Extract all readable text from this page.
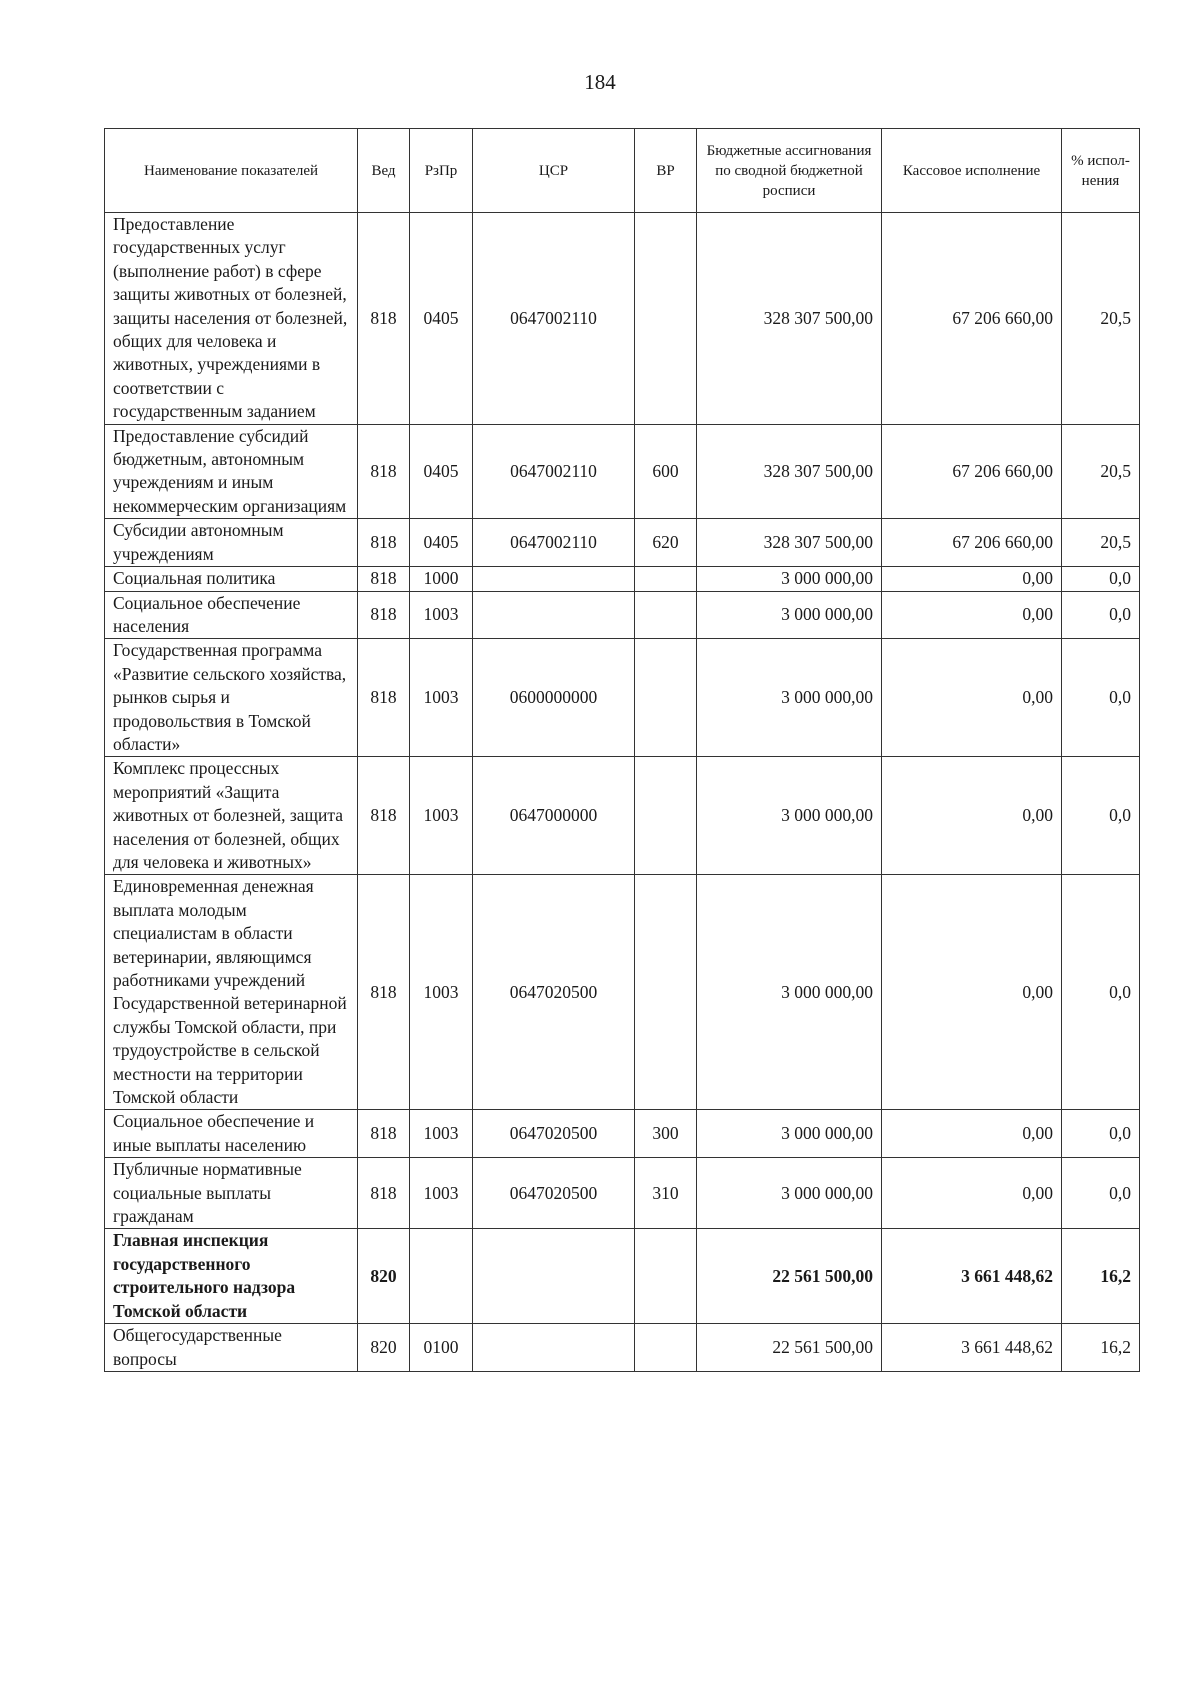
184
Наименование показателей	Вед	РзПр	ЦСР	ВР	Бюджетные ассигнования по сводной бюджетной росписи	Кассовое исполнение	% испол-нения
Предоставление государственных услуг (выполнение работ) в сфере защиты животных от болезней, защиты населения от болезней, общих для человека и животных, учреждениями в соответствии с государственным заданием	818	0405	0647002110		328 307 500,00	67 206 660,00	20,5
Предоставление субсидий бюджетным, автономным учреждениям и иным некоммерческим организациям	818	0405	0647002110	600	328 307 500,00	67 206 660,00	20,5
Субсидии автономным учреждениям	818	0405	0647002110	620	328 307 500,00	67 206 660,00	20,5
Социальная политика	818	1000			3 000 000,00	0,00	0,0
Социальное обеспечение населения	818	1003			3 000 000,00	0,00	0,0
Государственная программа «Развитие сельского хозяйства, рынков сырья и продовольствия в Томской области»	818	1003	0600000000		3 000 000,00	0,00	0,0
Комплекс процессных мероприятий «Защита животных от болезней, защита населения от болезней, общих для человека и животных»	818	1003	0647000000		3 000 000,00	0,00	0,0
Единовременная денежная выплата молодым специалистам в области ветеринарии, являющимся работниками учреждений Государственной ветеринарной службы Томской области, при трудоустройстве в сельской местности на территории Томской области	818	1003	0647020500		3 000 000,00	0,00	0,0
Социальное обеспечение и иные выплаты населению	818	1003	0647020500	300	3 000 000,00	0,00	0,0
Публичные нормативные социальные выплаты гражданам	818	1003	0647020500	310	3 000 000,00	0,00	0,0
Главная инспекция государственного строительного надзора Томской области	820				22 561 500,00	3 661 448,62	16,2
Общегосударственные вопросы	820	0100			22 561 500,00	3 661 448,62	16,2
